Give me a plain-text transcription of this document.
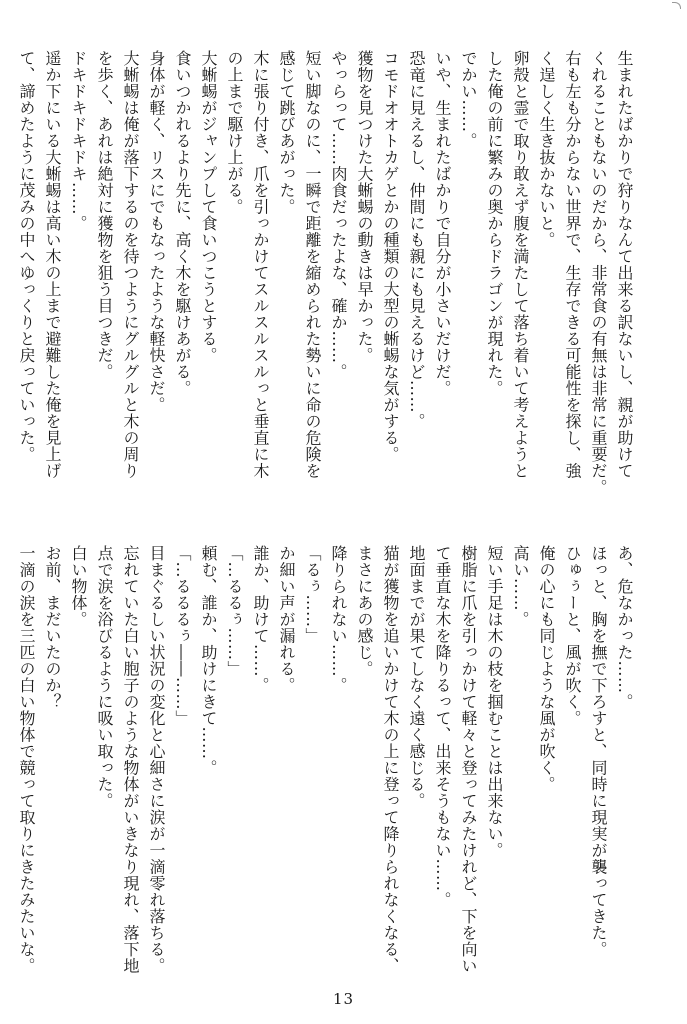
生まれたばかりで狩りなんて出来る訳ないし、親が助けて
くれることもないのだから、非常食の有無は非常に重要だ。
右も左も分からない世界で、生存できる可能性を探し、強
く逞しく生き抜かないと。
卵殻と霊で取り敢えず腹を満たして落ち着いて考えようと
した俺の前に繁みの奥からドラゴンが現れた。
でかい……。
いや、生まれたばかりで自分が小さいだけだ。
恐竜に見えるし、仲間にも親にも見えるけど……。
コモドオオトカゲとかの種類の大型の蜥蜴な気がする。
獲物を見つけた大蜥蜴の動きは早かった。
やっらって……肉食だったよな、確か……。
短い脚なのに、一瞬で距離を縮められた勢いに命の危険を
感じて跳びあがった。
木に張り付き、爪を引っかけてスルスルスルっと垂直に木
の上まで駆け上がる。
大蜥蜴がジャンプして食いつこうとする。
食いつかれるより先に、高く木を駆けあがる。
身体が軽く、リスにでもなったような軽快さだ。
大蜥蜴は俺が落下するのを待つようにグルグルと木の周り
を歩く、あれは絶対に獲物を狙う目つきだ。
ドキドキドキドキ……。
遥か下にいる大蜥蜴は高い木の上まで避難した俺を見上げ
て、諦めたように茂みの中へゆっくりと戻っていった。
あ、危なかった……。
ほっと、胸を撫で下ろすと、同時に現実が襲ってきた。
ひゅぅーと、風が吹く。
俺の心にも同じような風が吹く。
高い……。
短い手足は木の枝を掴むことは出来ない。
樹脂に爪を引っかけて軽々と登ってみたけれど、下を向い
て垂直な木を降りるって、出来そうもない……。
地面までが果てしなく遠く感じる。
猫が獲物を追いかけて木の上に登って降りられなくなる、
まさにあの感じ。
降りられない……。
「るぅ……」
か細い声が漏れる。
誰か、助けて……。
「…るるぅ……」
頼む、誰か、助けにきて……。
「…るるるぅ――……」
目まぐるしい状況の変化と心細さに涙が一滴零れ落ちる。
忘れていた白い胞子のような物体がいきなり現れ、落下地
点で涙を浴びるように吸い取った。
白い物体。
お前、まだいたのか？
一滴の涙を三匹の白い物体で競って取りにきたみたいな。
13
